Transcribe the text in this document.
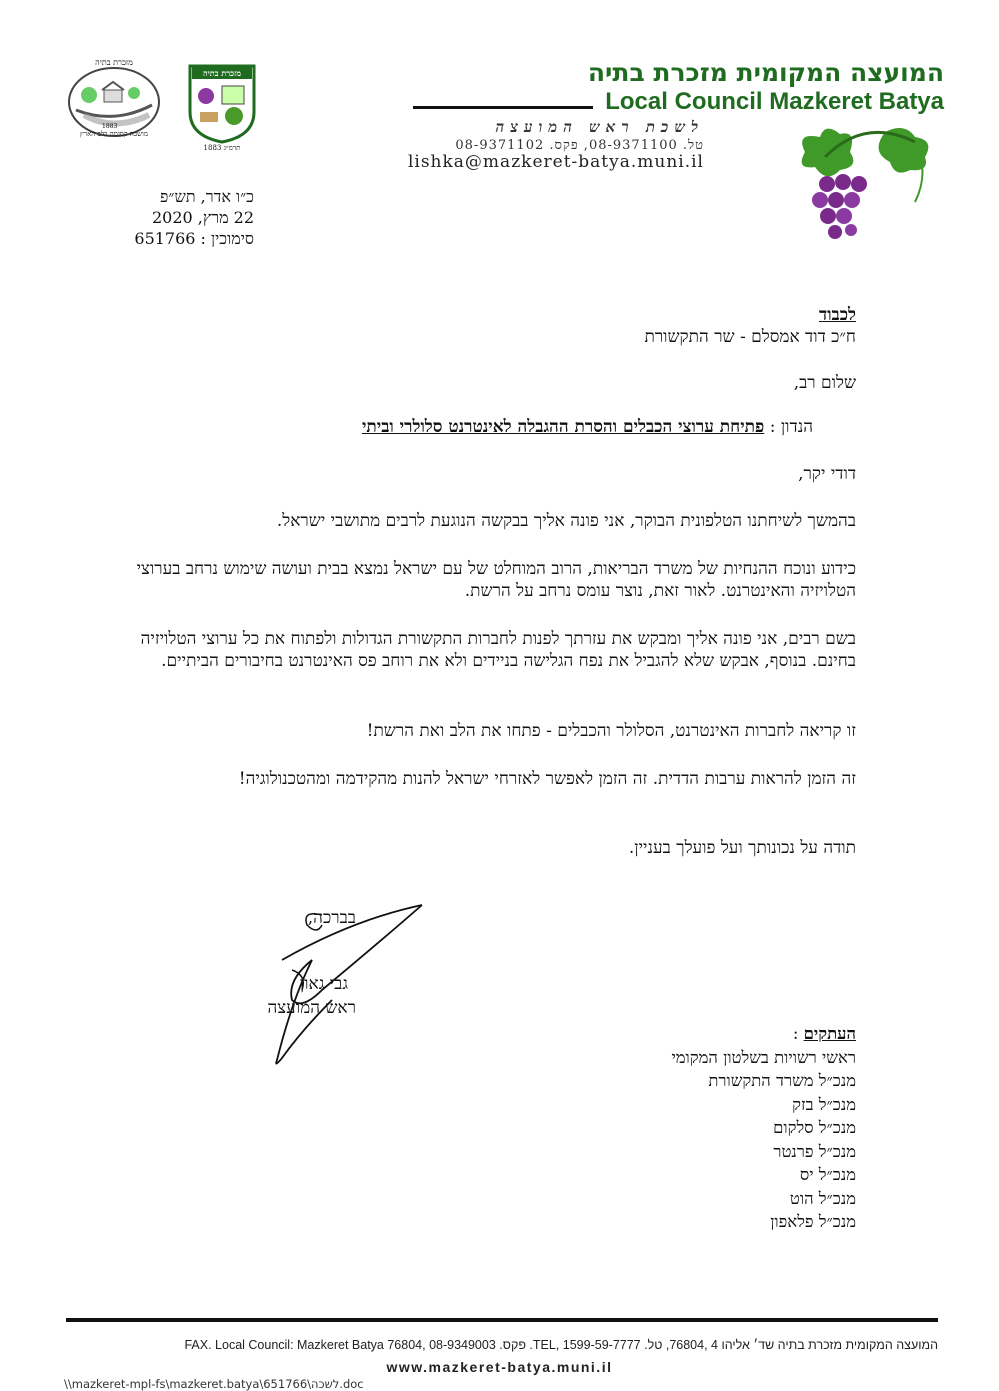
מזכרת בתיה
1883
מושבה קסומה בלב הארץ
מזכרת בתיה
תרמ״ג 1883
המועצה המקומית מזכרת בתיה
Local Council Mazkeret Batya
לשכת ראש המועצה
טל. 08-9371100, פקס. 08-9371102
lishka@mazkeret-batya.muni.il
כ״ו אדר, תש״פ
22 מרץ, 2020
סימוכין : 651766
לכבוד
ח״כ דוד אמסלם - שר התקשורת
שלום רב,
הנדון : פתיחת ערוצי הכבלים והסרת ההגבלה לאינטרנט סלולרי וביתי
דודי יקר,
בהמשך לשיחתנו הטלפונית הבוקר, אני פונה אליך בבקשה הנוגעת לרבים מתושבי ישראל.
כידוע ונוכח ההנחיות של משרד הבריאות, הרוב המוחלט של עם ישראל נמצא בבית ועושה שימוש נרחב בערוצי הטלויזיה והאינטרנט. לאור זאת, נוצר עומס נרחב על הרשת.
בשם רבים, אני פונה אליך ומבקש את עזרתך לפנות לחברות התקשורת הגדולות ולפתוח את כל ערוצי הטלויזיה בחינם. בנוסף, אבקש שלא להגביל את נפח הגלישה בניידים ולא את רוחב פס האינטרנט בחיבורים הביתיים.
זו קריאה לחברות האינטרנט, הסלולר והכבלים - פתחו את הלב ואת הרשת!
זה הזמן להראות ערבות הדדית. זה הזמן לאפשר לאזרחי ישראל להנות מהקידמה ומהטכנולוגיה!
תודה על נכונותך ועל פועלך בעניין.
בברכה,
גבי גאון
ראש המועצה
העתקים :
ראשי רשויות בשלטון המקומי
מנכ״ל משרד התקשורת
מנכ״ל בזק
מנכ״ל סלקום
מנכ״ל פרנטר
מנכ״ל יס
מנכ״ל הוט
מנכ״ל פלאפון
המועצה המקומית מזכרת בתיה שד׳ אליהו 4 ,76804, טל. 1599-59-7777 ,TEL. פקס. 08-9349003 ,FAX. Local Council: Mazkeret Batya 76804
www.mazkeret-batya.muni.il
\\mazkeret-mpl-fs\mazkeret.batya\651766\לשכה.doc
